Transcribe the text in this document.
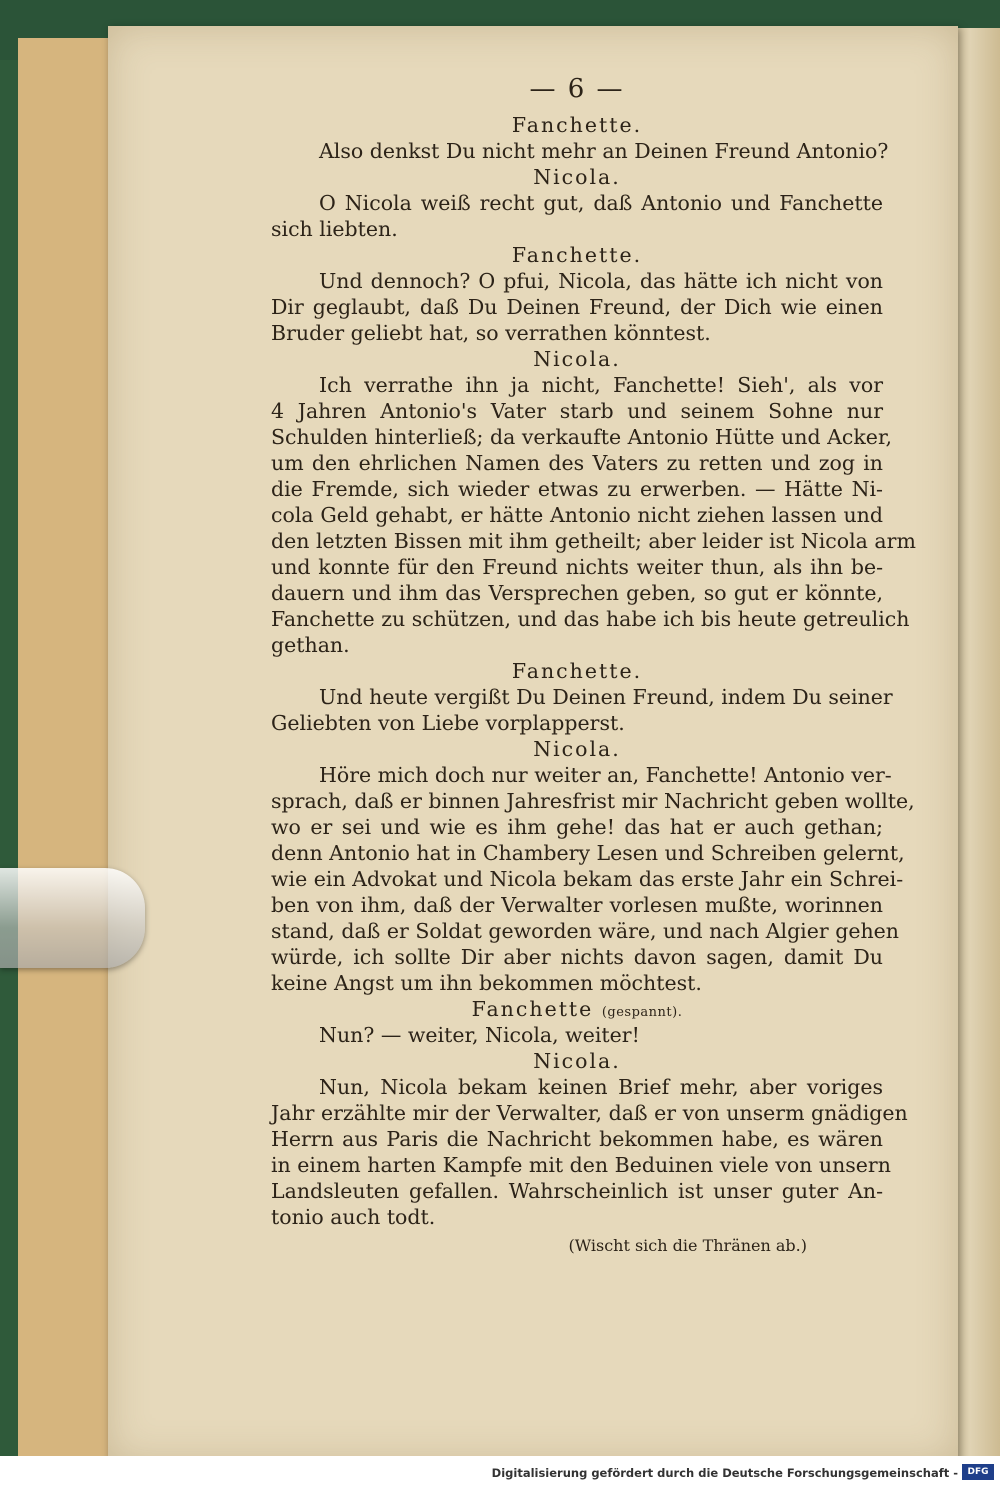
— 6 —
Fanchette.
Also denkst Du nicht mehr an Deinen Freund Antonio?
Nicola.
O Nicola weiß recht gut, daß Antonio und Fanchette
sich liebten.
Fanchette.
Und dennoch? O pfui, Nicola, das hätte ich nicht von
Dir geglaubt, daß Du Deinen Freund, der Dich wie einen
Bruder geliebt hat, so verrathen könntest.
Nicola.
Ich verrathe ihn ja nicht, Fanchette! Sieh', als vor
4 Jahren Antonio's Vater starb und seinem Sohne nur
Schulden hinterließ; da verkaufte Antonio Hütte und Acker,
um den ehrlichen Namen des Vaters zu retten und zog in
die Fremde, sich wieder etwas zu erwerben. — Hätte Ni-
cola Geld gehabt, er hätte Antonio nicht ziehen lassen und
den letzten Bissen mit ihm getheilt; aber leider ist Nicola arm
und konnte für den Freund nichts weiter thun, als ihn be-
dauern und ihm das Versprechen geben, so gut er könnte,
Fanchette zu schützen, und das habe ich bis heute getreulich
gethan.
Fanchette.
Und heute vergißt Du Deinen Freund, indem Du seiner
Geliebten von Liebe vorplapperst.
Nicola.
Höre mich doch nur weiter an, Fanchette! Antonio ver-
sprach, daß er binnen Jahresfrist mir Nachricht geben wollte,
wo er sei und wie es ihm gehe! das hat er auch gethan;
denn Antonio hat in Chambery Lesen und Schreiben gelernt,
wie ein Advokat und Nicola bekam das erste Jahr ein Schrei-
ben von ihm, daß der Verwalter vorlesen mußte, worinnen
stand, daß er Soldat geworden wäre, und nach Algier gehen
würde, ich sollte Dir aber nichts davon sagen, damit Du
keine Angst um ihn bekommen möchtest.
Fanchette (gespannt).
Nun? — weiter, Nicola, weiter!
Nicola.
Nun, Nicola bekam keinen Brief mehr, aber voriges
Jahr erzählte mir der Verwalter, daß er von unserm gnädigen
Herrn aus Paris die Nachricht bekommen habe, es wären
in einem harten Kampfe mit den Beduinen viele von unsern
Landsleuten gefallen. Wahrscheinlich ist unser guter An-
tonio auch todt.
(Wischt sich die Thränen ab.)
Digitalisierung gefördert durch die Deutsche Forschungsgemeinschaft -	DFG
